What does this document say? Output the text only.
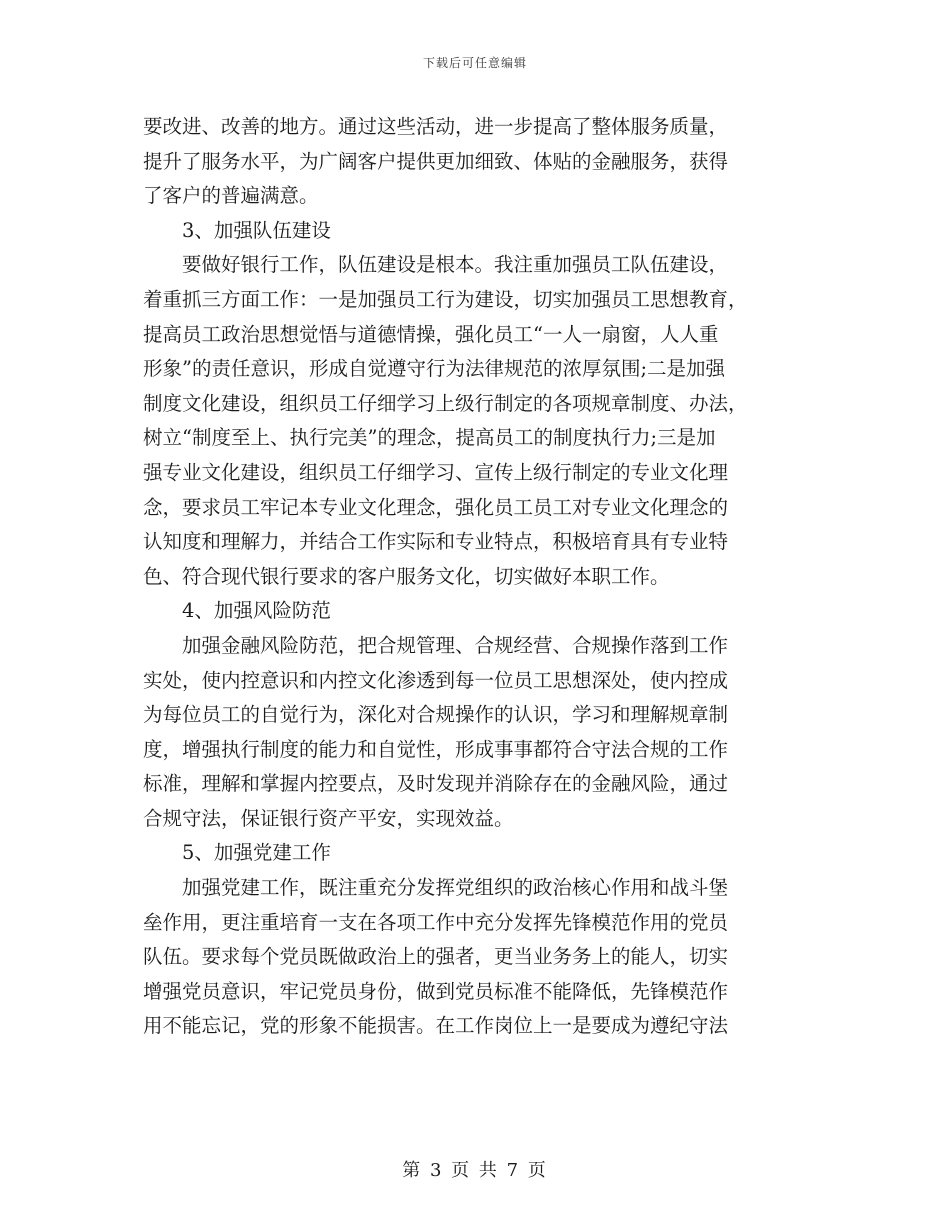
下载后可任意编辑
要改进、改善的地方。通过这些活动，进一步提高了整体服务质量，
提升了服务水平，为广阔客户提供更加细致、体贴的金融服务，获得
了客户的普遍满意。
3、加强队伍建设
要做好银行工作，队伍建设是根本。我注重加强员工队伍建设，
着重抓三方面工作：一是加强员工行为建设，切实加强员工思想教育，
提高员工政治思想觉悟与道德情操，强化员工“一人一扇窗，人人重
形象”的责任意识，形成自觉遵守行为法律规范的浓厚氛围;二是加强
制度文化建设，组织员工仔细学习上级行制定的各项规章制度、办法，
树立“制度至上、执行完美”的理念，提高员工的制度执行力;三是加
强专业文化建设，组织员工仔细学习、宣传上级行制定的专业文化理
念，要求员工牢记本专业文化理念，强化员工员工对专业文化理念的
认知度和理解力，并结合工作实际和专业特点，积极培育具有专业特
色、符合现代银行要求的客户服务文化，切实做好本职工作。
4、加强风险防范
加强金融风险防范，把合规管理、合规经营、合规操作落到工作
实处，使内控意识和内控文化渗透到每一位员工思想深处，使内控成
为每位员工的自觉行为，深化对合规操作的认识，学习和理解规章制
度，增强执行制度的能力和自觉性，形成事事都符合守法合规的工作
标准，理解和掌握内控要点，及时发现并消除存在的金融风险，通过
合规守法，保证银行资产平安，实现效益。
5、加强党建工作
加强党建工作，既注重充分发挥党组织的政治核心作用和战斗堡
垒作用，更注重培育一支在各项工作中充分发挥先锋模范作用的党员
队伍。要求每个党员既做政治上的强者，更当业务务上的能人，切实
增强党员意识，牢记党员身份，做到党员标准不能降低，先锋模范作
用不能忘记，党的形象不能损害。在工作岗位上一是要成为遵纪守法
第 3 页 共 7 页
